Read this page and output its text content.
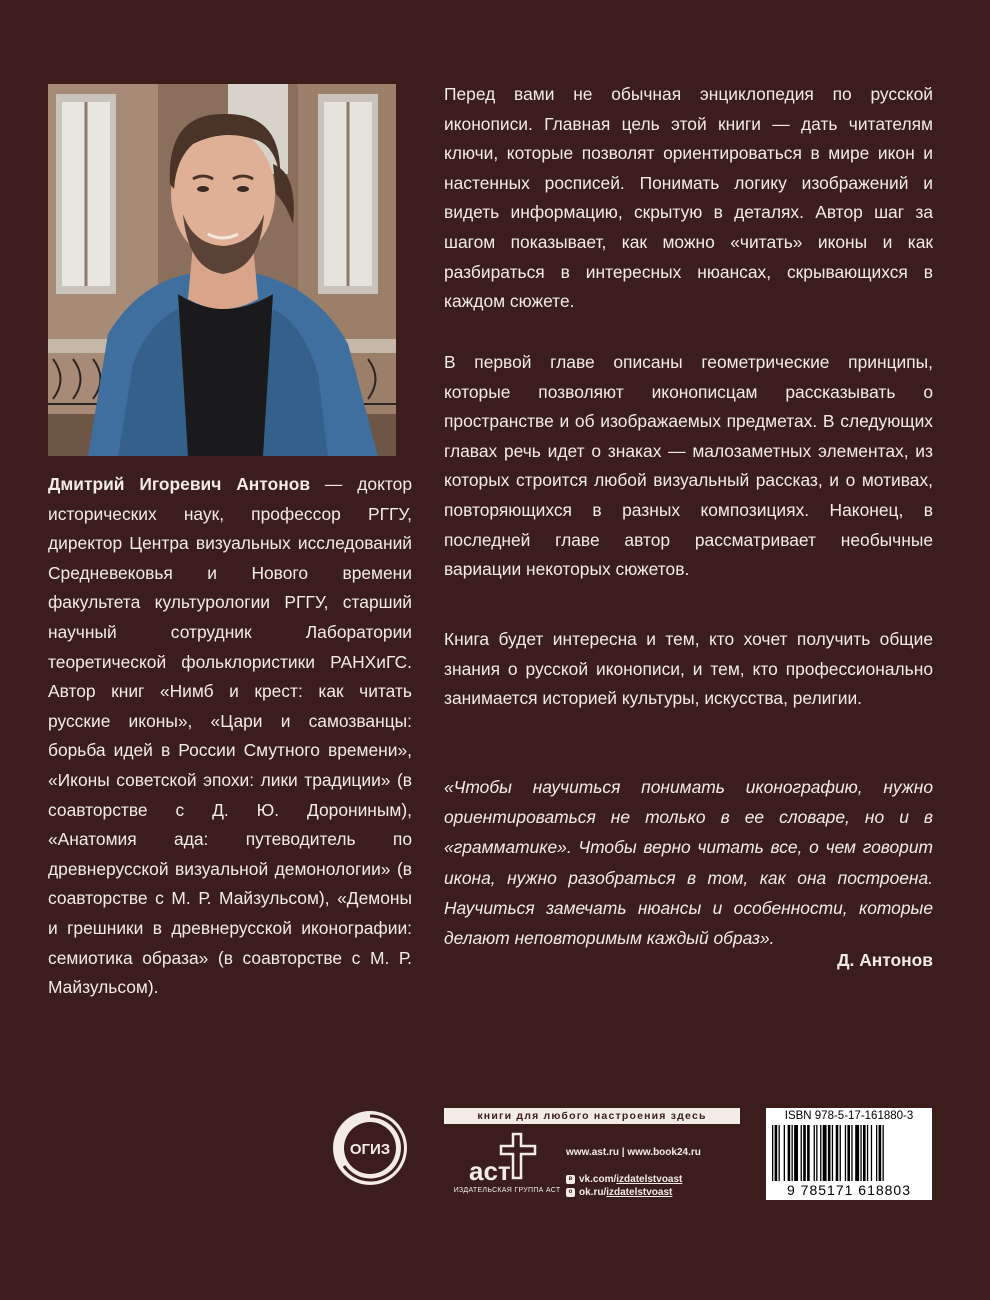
Дмитрий Игоревич Антонов — доктор исторических наук, профессор РГГУ, директор Центра визуальных исследований Средневековья и Нового времени факультета культурологии РГГУ, старший научный сотрудник Лаборатории теоретической фольклористики РАНХиГС. Автор книг «Нимб и крест: как читать русские иконы», «Цари и самозванцы: борьба идей в России Смутного времени», «Иконы советской эпохи: лики традиции» (в соавторстве с Д. Ю. Дорониным), «Анатомия ада: путеводитель по древнерусской визуальной демонологии» (в соавторстве с М. Р. Майзульсом), «Демоны и грешники в древнерусской иконографии: семиотика образа» (в соавторстве с М. Р. Майзульсом).

Перед вами не обычная энциклопедия по русской иконописи. Главная цель этой книги — дать читателям ключи, которые позволят ориентироваться в мире икон и настенных росписей. Понимать логику изображений и видеть информацию, скрытую в деталях. Автор шаг за шагом показывает, как можно «читать» иконы и как разбираться в интересных нюансах, скрывающихся в каждом сюжете.

В первой главе описаны геометрические принципы, которые позволяют иконописцам рассказывать о пространстве и об изображаемых предметах. В следующих главах речь идет о знаках — малозаметных элементах, из которых строится любой визуальный рассказ, и о мотивах, повторяющихся в разных композициях. Наконец, в последней главе автор рассматривает необычные вариации некоторых сюжетов.

Книга будет интересна и тем, кто хочет получить общие знания о русской иконописи, и тем, кто профессионально занимается историей культуры, искусства, религии.

«Чтобы научиться понимать иконографию, нужно ориентироваться не только в ее словаре, но и в «грамматике». Чтобы верно читать все, о чем говорит икона, нужно разобраться в том, как она построена. Научиться замечать нюансы и особенности, которые делают неповторимым каждый образ».

Д. Антонов
ОГИЗ
книги для любого настроения здесь
аст
ИЗДАТЕЛЬСКАЯ ГРУППА АСТ
www.ast.ru | www.book24.ru
в vk.com/izdatelstvoast
о ok.ru/izdatelstvoast
ISBN 978-5-17-161880-3
9 785171 618803
